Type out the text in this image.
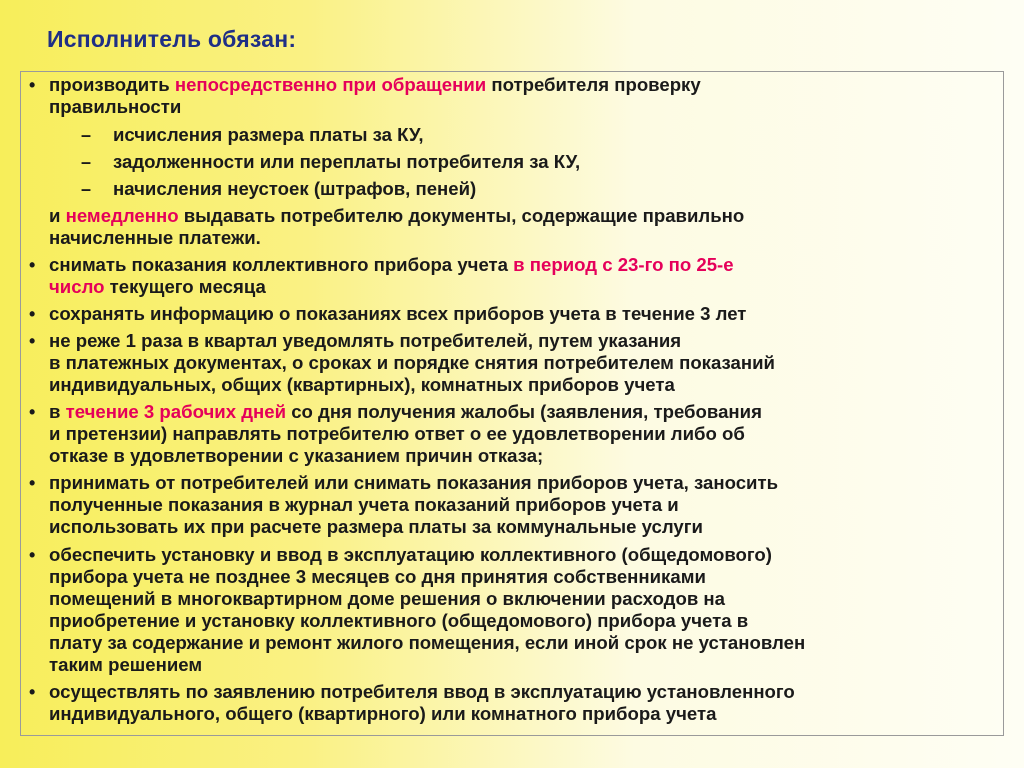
Исполнитель обязан:
• производить непосредственно при обращении потребителя проверку
правильности
– исчисления размера платы за КУ,
– задолженности или переплаты потребителя за КУ,
– начисления неустоек (штрафов, пеней)
и немедленно выдавать потребителю документы, содержащие правильно
начисленные платежи.
• снимать показания коллективного прибора учета в период с 23-го по 25-е
число текущего месяца
• сохранять информацию о показаниях всех приборов учета в течение 3 лет
• не реже 1 раза в квартал уведомлять потребителей, путем указания
в платежных документах, о сроках и порядке снятия потребителем показаний
индивидуальных, общих (квартирных), комнатных приборов учета
• в течение 3 рабочих дней со дня получения жалобы (заявления, требования
и претензии) направлять потребителю ответ о ее удовлетворении либо об
отказе в удовлетворении с указанием причин отказа;
• принимать от потребителей или снимать показания приборов учета, заносить
полученные показания в журнал учета показаний приборов учета и
использовать их при расчете размера платы за коммунальные услуги
• обеспечить установку и ввод в эксплуатацию коллективного (общедомового)
прибора учета не позднее 3 месяцев со дня принятия собственниками
помещений в многоквартирном доме решения о включении расходов на
приобретение и установку коллективного (общедомового) прибора учета в
плату за содержание и ремонт жилого помещения, если иной срок не установлен
таким решением
• осуществлять по заявлению потребителя ввод в эксплуатацию установленного
индивидуального, общего (квартирного) или комнатного прибора учета
